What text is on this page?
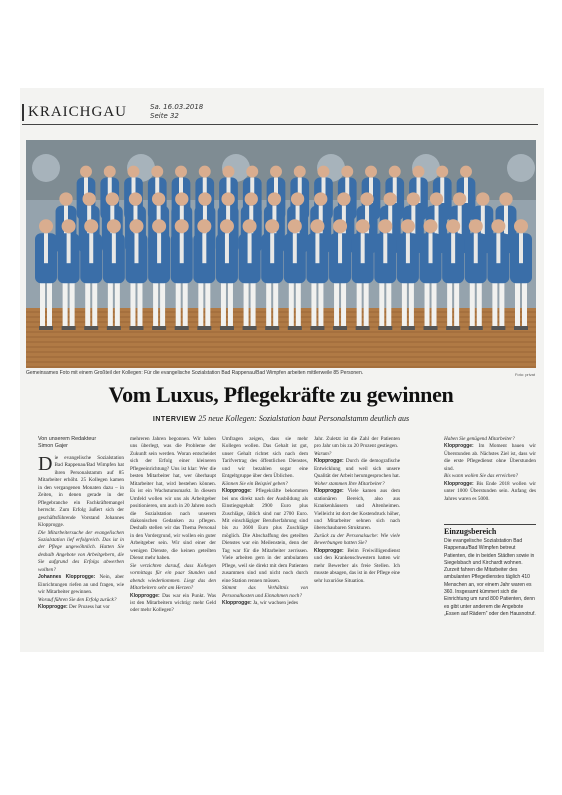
KRAICHGAU	Sa. 16.03.2018
Seite 32
Gemeinsames Foto mit einem Großteil der Kollegen: Für die evangelische Sozialstation Bad Rappenau/Bad Wimpfen arbeiten mittlerweile 85 Personen.	Foto: privat
Vom Luxus, Pflegekräfte zu gewinnen
INTERVIEW 25 neue Kollegen: Sozialstation baut Personalstamm deutlich aus

Von unserem Redakteur
Simon Gajer

Die evangelische Sozialstation Bad Rappenau/Bad Wimpfen hat ihren Personalstamm auf 85 Mitarbeiter erhöht. 25 Kollegen kamen in den vergangenen Monaten dazu – in Zeiten, in denen gerade in der Pflegebranche ein Fachkräftemangel herrscht. Zum Erfolg äußert sich der geschäftsführende Vorstand Johannes Klopprogge.

Die Mitarbeitersuche der evangelischen Sozialstation lief erfolgreich. Das ist in der Pflege ungewöhnlich. Hatten Sie deshalb Angebote von Arbeitgebern, die Sie aufgrund des Erfolgs abwerben wollten?

Johannes Klopprogge: Nein, aber Einrichtungen riefen an und fragen, wie wir Mitarbeiter gewinnen.

Worauf führen Sie den Erfolg zurück?

Klopprogge: Der Prozess hat vor

mehreren Jahren begonnen. Wir haben uns überlegt, was die Probleme der Zukunft sein werden. Woran entscheidet sich der Erfolg einer kleineren Pflegeeinrichtung? Uns ist klar: Wer die besten Mitarbeiter hat, wer überhaupt Mitarbeiter hat, wird bestehen können. Es ist ein Wachstumsmarkt. In diesem Umfeld wollen wir uns als Arbeitgeber positionieren, um auch in 20 Jahren noch die Sozialstation nach unserem diakonischen Gedanken zu pflegen. Deshalb stellen wir das Thema Personal in den Vordergrund, wir wollen ein guter Arbeitgeber sein. Wir sind einer der wenigen Dienste, die keinen geteilten Dienst mehr haben.

Sie verzichten darauf, dass Kollegen vormittags für ein paar Stunden und abends wiederkommen. Liegt das den Mitarbeitern sehr am Herzen?

Klopprogge: Das war ein Punkt. Was ist den Mitarbeitern wichtig: mehr Geld oder mehr Kollegen?

Umfragen zeigen, dass sie mehr Kollegen wollen. Das Gehalt ist gut, unser Gehalt richtet sich nach dem Tarifvertrag des öffentlichen Dienstes, und wir bezahlen sogar eine Entgeltgruppe über dem Üblichen.

Können Sie ein Beispiel geben?

Klopprogge: Pflegekräfte bekommen bei uns direkt nach der Ausbildung als Einstiegsgehalt 2900 Euro plus Zuschläge, üblich sind nur 2700 Euro. Mit einschlägiger Berufserfahrung sind bis zu 3600 Euro plus Zuschläge möglich. Die Abschaffung des geteilten Dienstes war ein Meilenstein, denn der Tag war für die Mitarbeiter zerrissen. Viele arbeiten gern in der ambulanten Pflege, weil sie direkt mit dem Patienten zusammen sind und nicht noch durch eine Station rennen müssen.

Stimmt das Verhältnis von Personalkosten und Einnahmen noch?

Klopprogge: Ja, wir wachsen jedes

Jahr. Zuletzt ist die Zahl der Patienten pro Jahr um bis zu 20 Prozent gestiegen.

Warum?

Klopprogge: Durch die demografische Entwicklung und weil sich unsere Qualität der Arbeit herumgesprochen hat.

Woher stammen Ihre Mitarbeiter?

Klopprogge: Viele kamen aus dem stationären Bereich, also aus Krankenhäusern und Altenheimen. Vielleicht ist dort der Kostendruck höher, und Mitarbeiter sehnen sich nach überschaubaren Strukturen.

Zurück zu der Personalsuche: Wie viele Bewerbungen hatten Sie?

Klopprogge: Beim Freiwilligendienst und den Krankenschwestern hatten wir mehr Bewerber als freie Stellen. Ich musste absagen, das ist in der Pflege eine sehr luxuriöse Situation.

Haben Sie genügend Mitarbeiter?

Klopprogge: Im Moment bauen wir Überstunden ab. Nächstes Ziel ist, dass wir die erste Pflegedienst ohne Überstunden sind.

Bis wann wollen Sie das erreichen?

Klopprogge: Bis Ende 2018 wollen wir unter 1000 Überstunden sein. Anfang des Jahres waren es 5000.

Einzugsbereich
Die evangelische Sozialstation Bad Rappenau/Bad Wimpfen betreut Patienten, die in beiden Städten sowie in Siegelsbach und Kirchardt wohnen. Zurzeit fahren die Mitarbeiter des ambulanten Pflegedienstes täglich 410 Menschen an, vor einem Jahr waren es 360. Insgesamt kümmert sich die Einrichtung um rund 800 Patienten, denn es gibt unter anderem die Angebote „Essen auf Rädern“ oder den Hausnotruf.
